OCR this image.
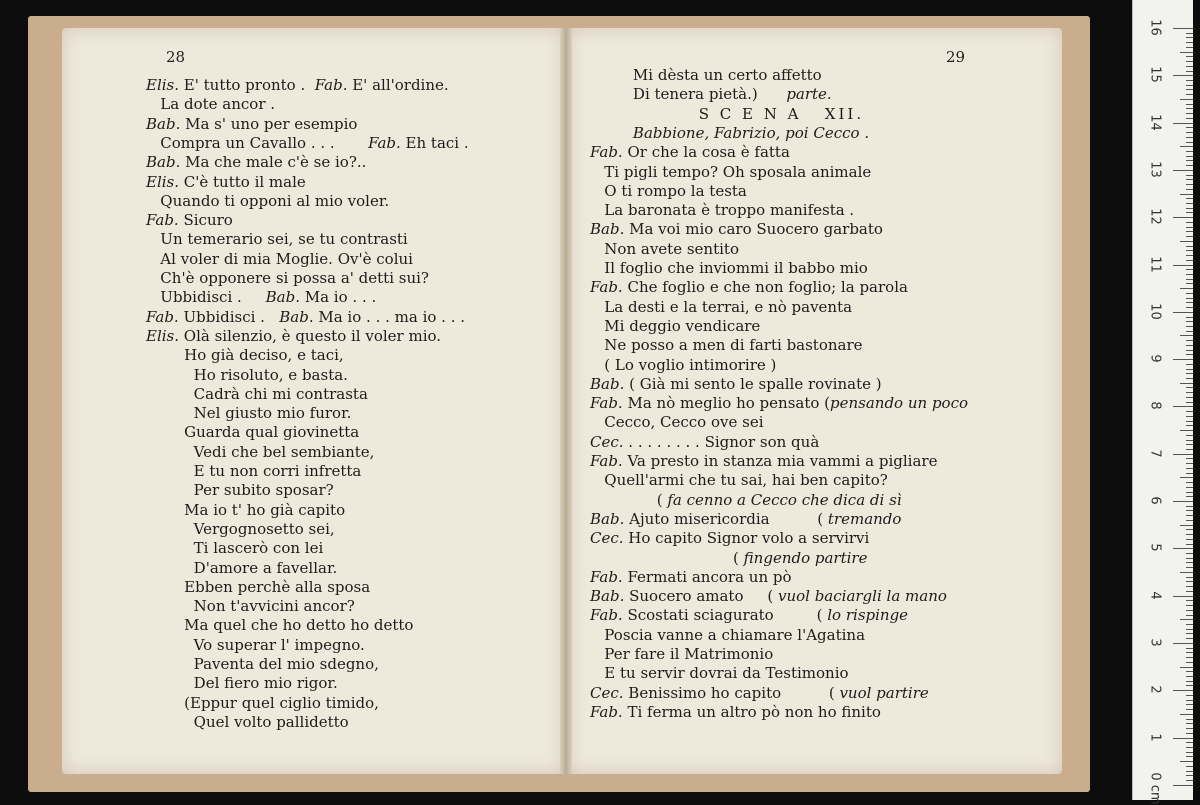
28
Elis. E' tutto pronto .  Fab. E' all'ordine.
La dote ancor .
Bab. Ma s' uno per esempio
Compra un Cavallo . . .       Fab. Eh taci .
Bab. Ma che male c'è se io?..
Elis. C'è tutto il male
Quando ti opponi al mio voler.
Fab. Sicuro
Un temerario sei, se tu contrasti
Al voler di mia Moglie. Ov'è colui
Ch'è opponere si possa a' detti sui?
Ubbidisci .     Bab. Ma io . . .
Fab. Ubbidisci .   Bab. Ma io . . . ma io . . .
Elis. Olà silenzio, è questo il voler mio.
Ho già deciso, e taci,
Ho risoluto, e basta.
Cadrà chi mi contrasta
Nel giusto mio furor.
Guarda qual giovinetta
Vedi che bel sembiante,
E tu non corri infretta
Per subito sposar?
Ma io t' ho già capito
Vergognosetto sei,
Ti lascerò con lei
D'amore a favellar.
Ebben perchè alla sposa
Non t'avvicini ancor?
Ma quel che ho detto ho detto
Vo superar l' impegno.
Paventa del mio sdegno,
Del fiero mio rigor.
(Eppur quel ciglio timido,
Quel volto pallidetto
29
Mi dèsta un certo affetto
Di tenera pietà.)      parte.
S C E N A   XII.
Babbione, Fabrizio, poi Cecco .
Fab. Or che la cosa è fatta
Ti pigli tempo? Oh sposala animale
O ti rompo la testa
La baronata è troppo manifesta .
Bab. Ma voi mio caro Suocero garbato
Non avete sentito
Il foglio che inviommi il babbo mio
Fab. Che foglio e che non foglio; la parola
La desti e la terrai, e nò paventa
Mi deggio vendicare
Ne posso a men di farti bastonare
( Lo voglio intimorire )
Bab. ( Già mi sento le spalle rovinate )
Fab. Ma nò meglio ho pensato (pensando un poco
Cecco, Cecco ove sei
Cec. . . . . . . . . Signor son quà
Fab. Va presto in stanza mia vammi a pigliare
Quell'armi che tu sai, hai ben capito?
( fa cenno a Cecco che dica di sì
Bab. Ajuto misericordia          ( tremando
Cec. Ho capito Signor volo a servirvi
( fingendo partire
Fab. Fermati ancora un pò
Bab. Suocero amato     ( vuol baciargli la mano
Fab. Scostati sciagurato         ( lo rispinge
Poscia vanne a chiamare l'Agatina
Per fare il Matrimonio
E tu servir dovrai da Testimonio
Cec. Benissimo ho capito          ( vuol partire
Fab. Ti ferma un altro pò non ho finito
16
15
14
13
12
11
10
9
8
7
6
5
4
3
2
1
0 cm
